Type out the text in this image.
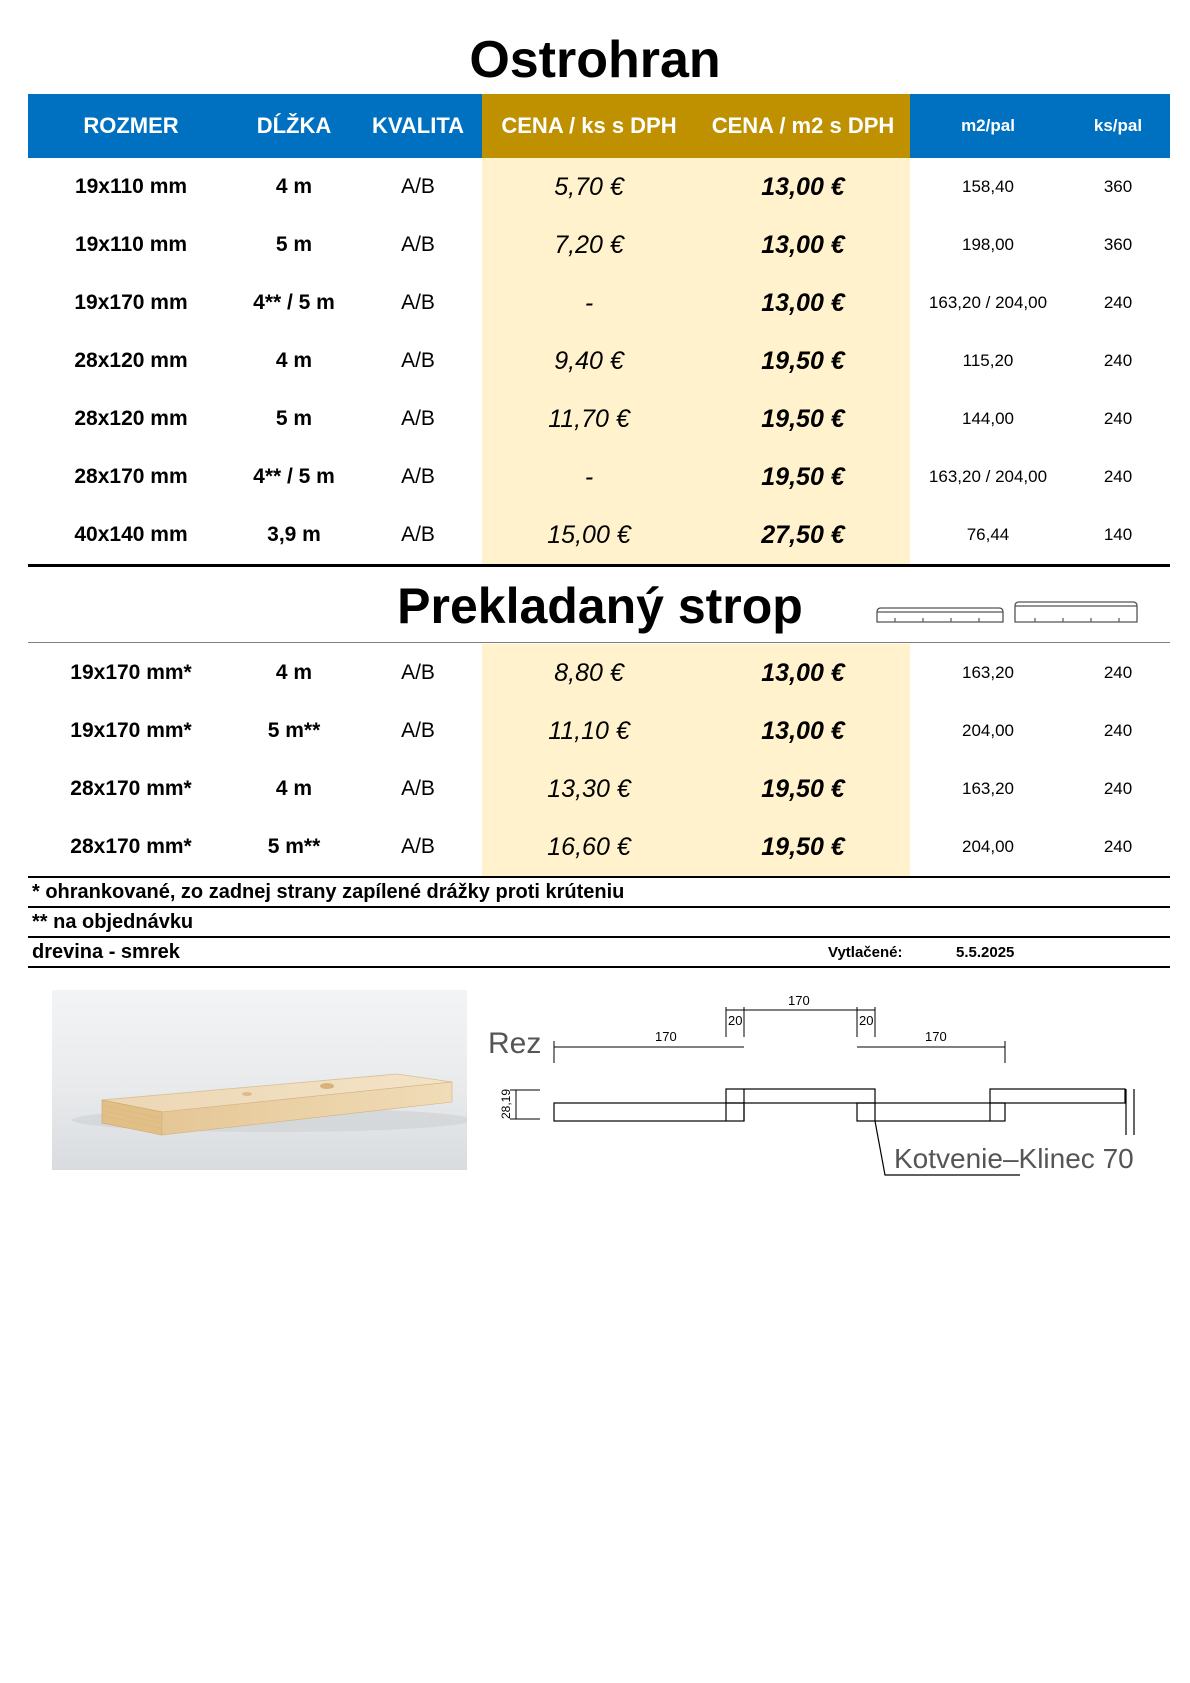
Ostrohran
ROZMER	DĹŽKA	KVALITA	CENA / ks s DPH	CENA / m2 s DPH	m2/pal	ks/pal
19x110 mm	4 m	A/B	5,70 €	13,00 €	158,40	360
19x110 mm	5 m	A/B	7,20 €	13,00 €	198,00	360
19x170 mm	4** / 5 m	A/B	-	13,00 €	163,20 / 204,00	240
28x120 mm	4 m	A/B	9,40 €	19,50 €	115,20	240
28x120 mm	5 m	A/B	11,70 €	19,50 €	144,00	240
28x170 mm	4** / 5 m	A/B	-	19,50 €	163,20 / 204,00	240
40x140 mm	3,9 m	A/B	15,00 €	27,50 €	76,44	140
Prekladaný strop
19x170 mm*	4 m	A/B	8,80 €	13,00 €	163,20	240
19x170 mm*	5 m**	A/B	11,10 €	13,00 €	204,00	240
28x170 mm*	4 m	A/B	13,30 €	19,50 €	163,20	240
28x170 mm*	5 m**	A/B	16,60 €	19,50 €	204,00	240
* ohrankované, zo zadnej strany zapílené drážky proti krúteniu
** na objednávku
drevina - smrek	Vytlačené:	5.5.2025
Rez
170
20	20
170	170
28,19
Kotvenie–Klinec 70
